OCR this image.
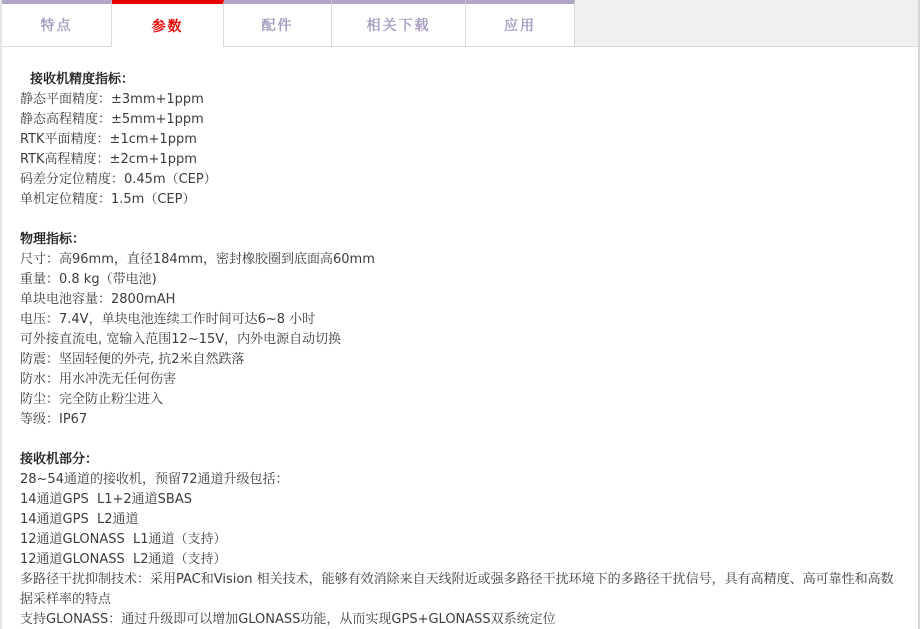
特点	参数	配件	相关下载	应用
接收机精度指标：
静态平面精度：±3mm+1ppm
静态高程精度：±5mm+1ppm
RTK平面精度：±1cm+1ppm
RTK高程精度：±2cm+1ppm
码差分定位精度：0.45m（CEP）
单机定位精度：1.5m（CEP）
物理指标：
尺寸：高96mm，直径184mm，密封橡胶圈到底面高60mm
重量：0.8 kg（带电池)
单块电池容量：2800mAH
电压：7.4V，单块电池连续工作时间可达6~8 小时
可外接直流电, 宽输入范围12~15V，内外电源自动切换
防震：坚固轻便的外壳, 抗2米自然跌落
防水：用水冲洗无任何伤害
防尘：完全防止粉尘进入
等级：IP67
接收机部分：
28~54通道的接收机，预留72通道升级包括：
14通道GPS  L1+2通道SBAS
14通道GPS  L2通道
12通道GLONASS  L1通道（支持）
12通道GLONASS  L2通道（支持）
多路径干扰抑制技术：采用PAC和Vision 相关技术，能够有效消除来自天线附近或强多路径干扰环境下的多路径干扰信号，具有高精度、高可靠性和高数据采样率的特点
支持GLONASS：通过升级即可以增加GLONASS功能，从而实现GPS+GLONASS双系统定位
